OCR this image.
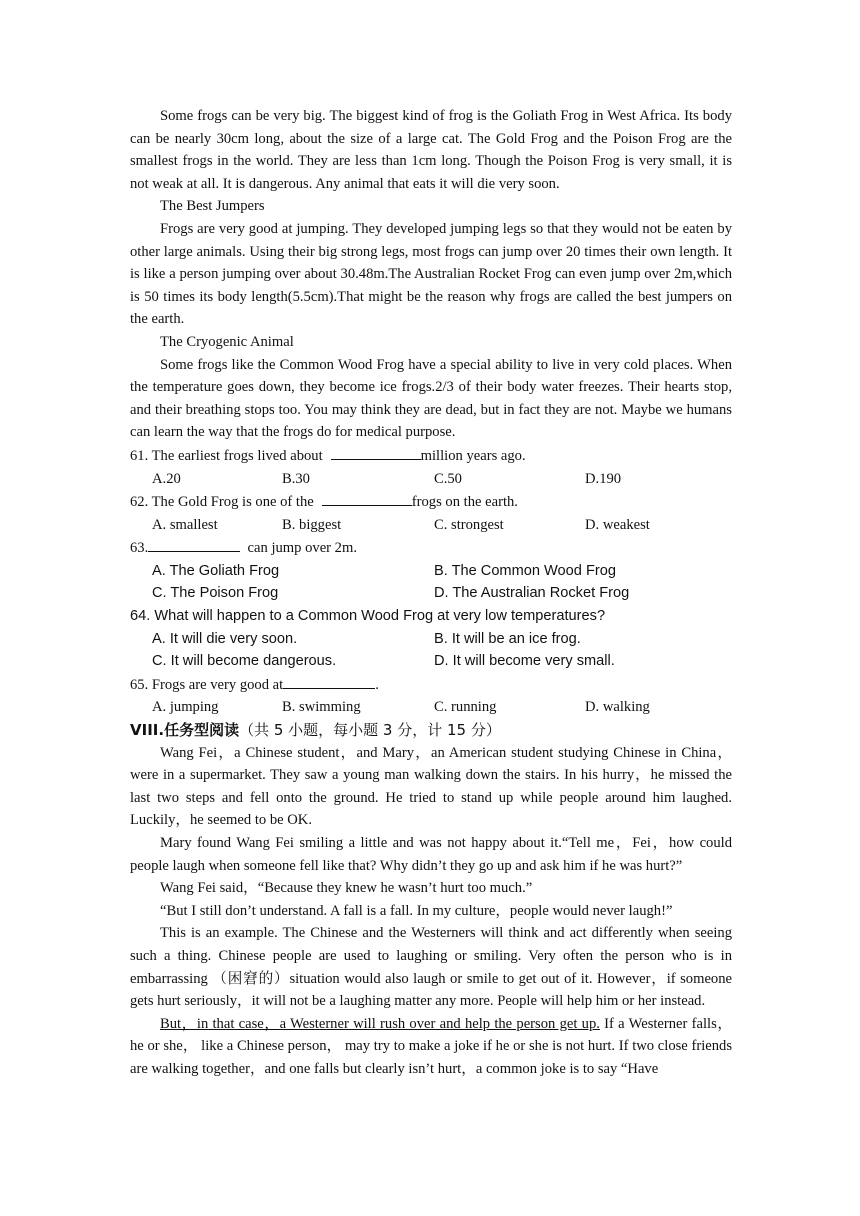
Some frogs can be very big. The biggest kind of frog is the Goliath Frog in West Africa. Its body can be nearly 30cm long, about the size of a large cat. The Gold Frog and the Poison Frog are the smallest frogs in the world. They are less than 1cm long. Though the Poison Frog is very small, it is not weak at all. It is dangerous. Any animal that eats it will die very soon.

The Best Jumpers

Frogs are very good at jumping. They developed jumping legs so that they would not be eaten by other large animals. Using their big strong legs, most frogs can jump over 20 times their own length. It is like a person jumping over about 30.48m.The Australian Rocket Frog can even jump over 2m,which is 50 times its body length(5.5cm).That might be the reason why frogs are called the best jumpers on the earth.

The Cryogenic Animal

Some frogs like the Common Wood Frog have a special ability to live in very cold places. When the temperature goes down, they become ice frogs.2/3 of their body water freezes. Their hearts stop, and their breathing stops too. You may think they are dead, but in fact they are not. Maybe we humans can learn the way that the frogs do for medical purpose.

61. The earliest frogs lived about	million years ago.

A.20	B.30	C.50	D.190

62. The Gold Frog is one of the	frogs on the earth.

A. smallest	B. biggest	C. strongest	D. weakest

63.	can jump over 2m.

A. The Goliath Frog	B. The Common Wood Frog
C. The Poison Frog	D. The Australian Rocket Frog

64. What will happen to a Common Wood Frog at very low temperatures?

A. It will die very soon.	B. It will be an ice frog.
C. It will become dangerous.	D. It will become very small.

65. Frogs are very good at	.

A. jumping	B. swimming	C. running	D. walking

VIII.任务型阅读（共 5 小题，每小题 3 分，计 15 分）

Wang Fei，a Chinese student，and Mary，an American student studying Chinese in China，were in a supermarket. They saw a young man walking down the stairs. In his hurry，he missed the last two steps and fell onto the ground. He tried to stand up while people around him laughed. Luckily，he seemed to be OK.

Mary found Wang Fei smiling a little and was not happy about it.“Tell me，Fei，how could people laugh when someone fell like that? Why didn’t they go up and ask him if he was hurt?”

Wang Fei said，“Because they knew he wasn’t hurt too much.”

“But I still don’t understand. A fall is a fall. In my culture，people would never laugh!”

This is an example. The Chinese and the Westerners will think and act differently when seeing such a thing. Chinese people are used to laughing or smiling. Very often the person who is in embarrassing （困窘的）situation would also laugh or smile to get out of it. However，if someone gets hurt seriously，it will not be a laughing matter any more. People will help him or her instead.

But，in that case，a Westerner will rush over and help the person get up. If a Westerner falls，he or she， like a Chinese person， may try to make a joke if he or she is not hurt. If two close friends are walking together，and one falls but clearly isn’t hurt，a common joke is to say “Have
